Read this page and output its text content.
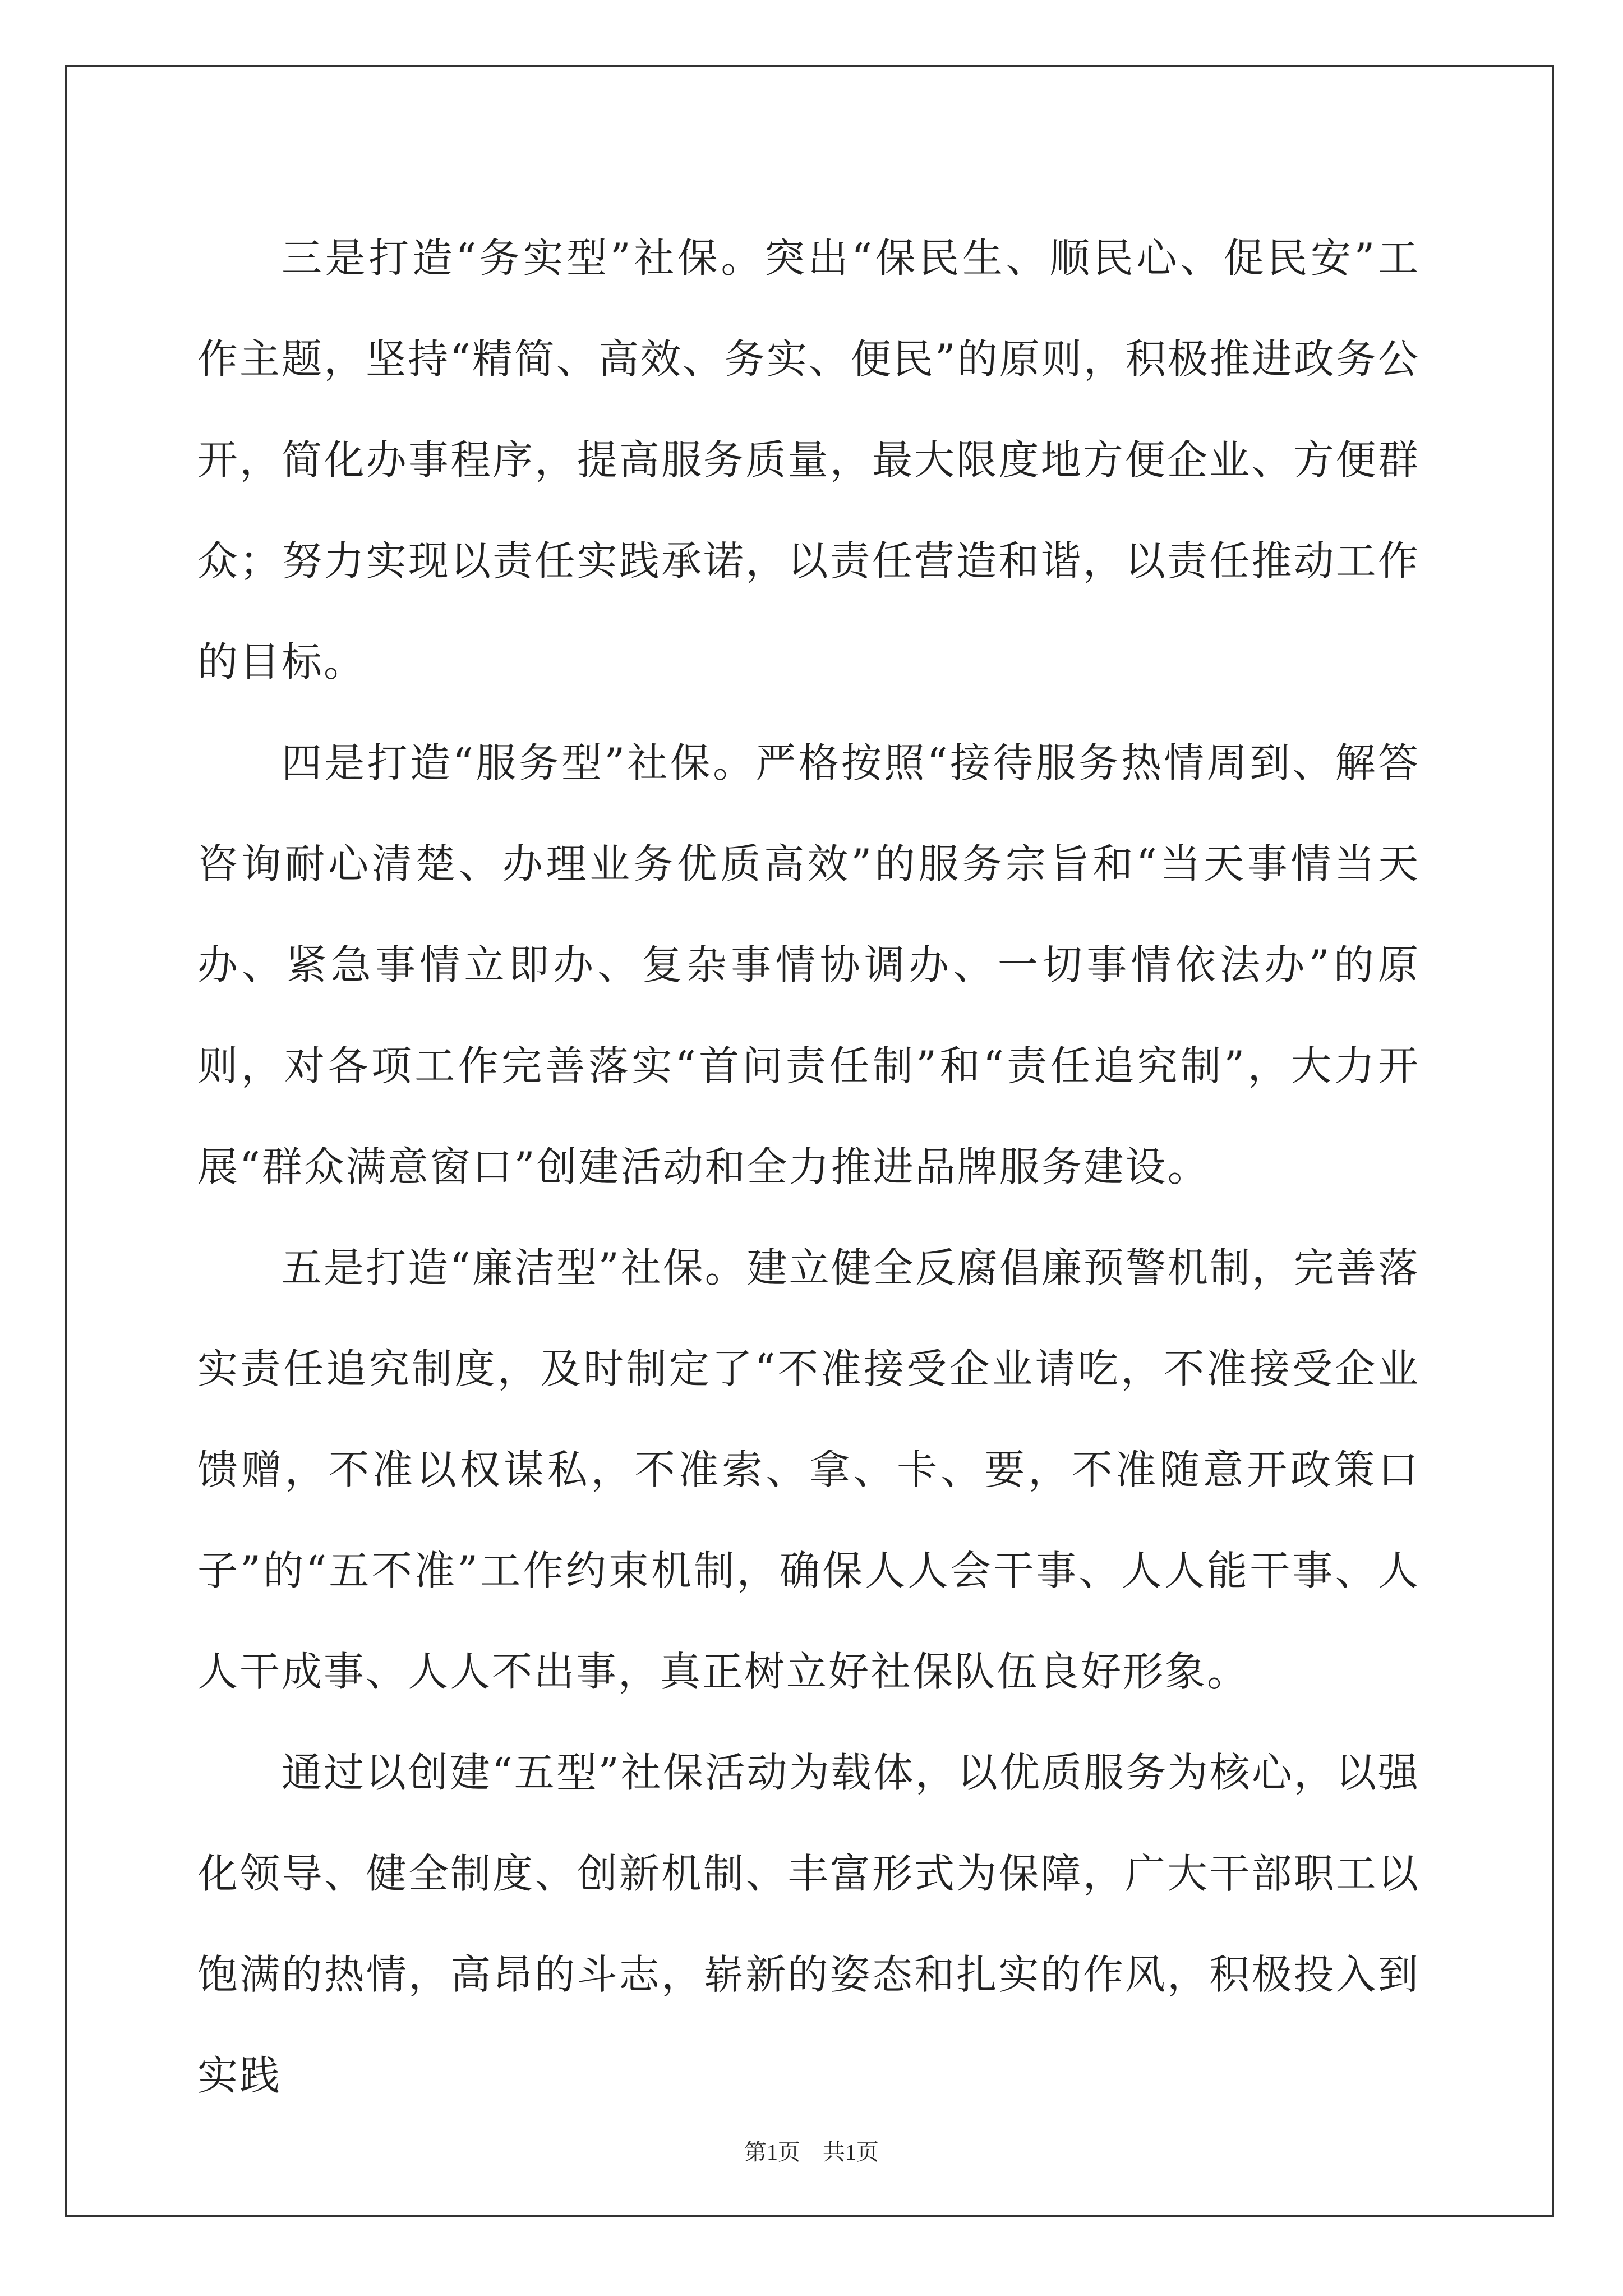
三是打造“务实型”社保。突出“保民生、顺民心、促民安”工作主题，坚持“精简、高效、务实、便民”的原则，积极推进政务公开，简化办事程序，提高服务质量，最大限度地方便企业、方便群众；努力实现以责任实践承诺，以责任营造和谐，以责任推动工作的目标。

四是打造“服务型”社保。严格按照“接待服务热情周到、解答咨询耐心清楚、办理业务优质高效”的服务宗旨和“当天事情当天办、紧急事情立即办、复杂事情协调办、一切事情依法办”的原则，对各项工作完善落实“首问责任制”和“责任追究制”，大力开展“群众满意窗口”创建活动和全力推进品牌服务建设。

五是打造“廉洁型”社保。建立健全反腐倡廉预警机制，完善落实责任追究制度，及时制定了“不准接受企业请吃，不准接受企业馈赠，不准以权谋私，不准索、拿、卡、要，不准随意开政策口子”的“五不准”工作约束机制，确保人人会干事、人人能干事、人人干成事、人人不出事，真正树立好社保队伍良好形象。

通过以创建“五型”社保活动为载体，以优质服务为核心，以强化领导、健全制度、创新机制、丰富形式为保障，广大干部职工以饱满的热情，高昂的斗志，崭新的姿态和扎实的作风，积极投入到实践

第1页 共1页
